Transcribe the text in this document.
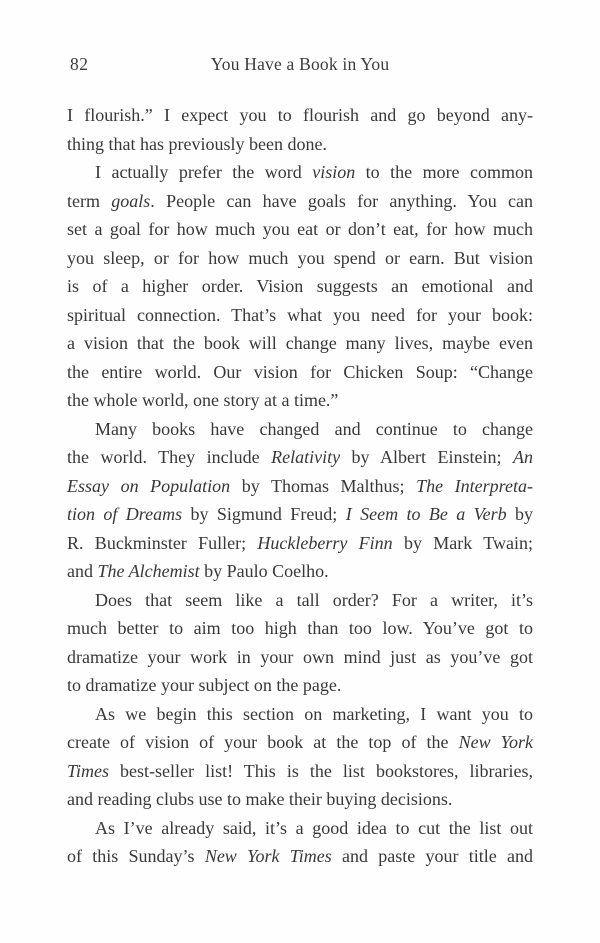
82	You Have a Book in You
I flourish.” I expect you to flourish and go beyond any-
thing that has previously been done.
I actually prefer the word vision to the more common
term goals. People can have goals for anything. You can
set a goal for how much you eat or don’t eat, for how much
you sleep, or for how much you spend or earn. But vision
is of a higher order. Vision suggests an emotional and
spiritual connection. That’s what you need for your book:
a vision that the book will change many lives, maybe even
the entire world. Our vision for Chicken Soup: “Change
the whole world, one story at a time.”
Many books have changed and continue to change
the world. They include Relativity by Albert Einstein; An
Essay on Population by Thomas Malthus; The Interpreta-
tion of Dreams by Sigmund Freud; I Seem to Be a Verb by
R. Buckminster Fuller; Huckleberry Finn by Mark Twain;
and The Alchemist by Paulo Coelho.
Does that seem like a tall order? For a writer, it’s
much better to aim too high than too low. You’ve got to
dramatize your work in your own mind just as you’ve got
to dramatize your subject on the page.
As we begin this section on marketing, I want you to
create of vision of your book at the top of the New York
Times best-seller list! This is the list bookstores, libraries,
and reading clubs use to make their buying decisions.
As I’ve already said, it’s a good idea to cut the list out
of this Sunday’s New York Times and paste your title and
